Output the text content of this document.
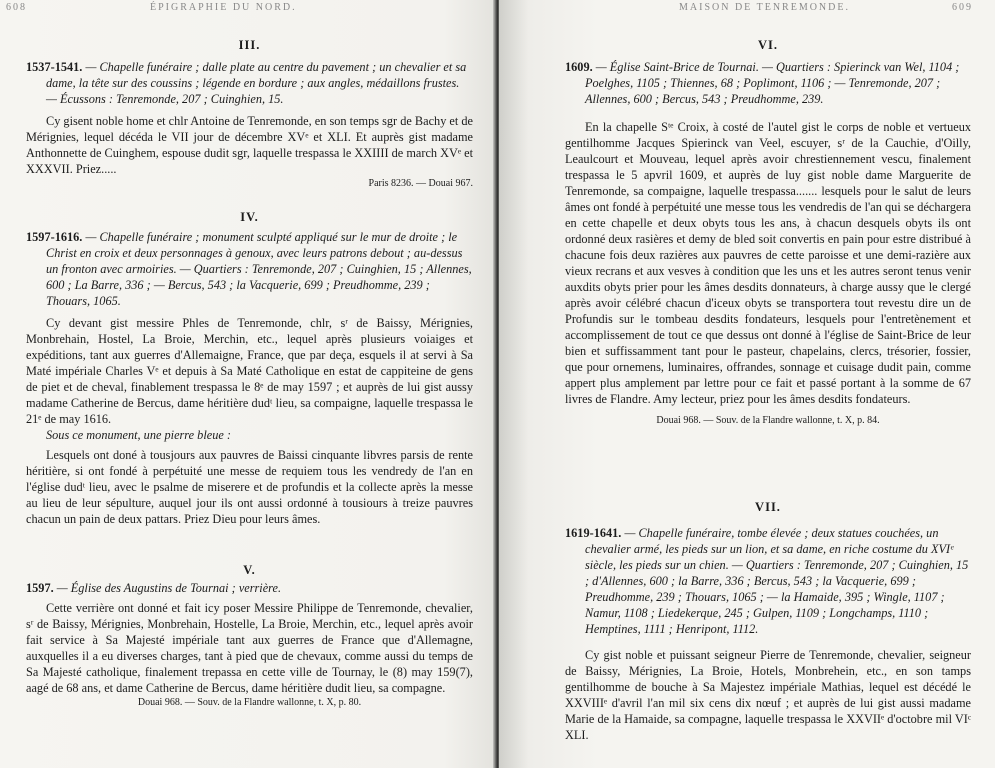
608	ÉPIGRAPHIE DU NORD.

III.

1537-1541. — Chapelle funéraire ; dalle plate au centre du pavement ; un chevalier et sa dame, la tête sur des coussins ; légende en bordure ; aux angles, médaillons frustes. — Écussons : Tenremonde, 207 ; Cuinghien, 15.

Cy gisent noble home et chlr Antoine de Tenremonde, en son temps sgr de Bachy et de Mérignies, lequel décéda le VII jour de décembre XVᵉ et XLI. Et auprès gist madame Anthonnette de Cuinghem, espouse dudit sgr, laquelle trespassa le XXIIII de march XVᵉ et XXXVII. Priez.....

Paris 8236. — Douai 967.

IV.

1597-1616. — Chapelle funéraire ; monument sculpté appliqué sur le mur de droite ; le Christ en croix et deux personnages à genoux, avec leurs patrons debout ; au-dessus un fronton avec armoiries. — Quartiers : Tenremonde, 207 ; Cuinghien, 15 ; Allennes, 600 ; La Barre, 336 ; — Bercus, 543 ; la Vacquerie, 699 ; Preudhomme, 239 ; Thouars, 1065.

Cy devant gist messire Phles de Tenremonde, chlr, sʳ de Baissy, Mérignies, Monbrehain, Hostel, La Broie, Merchin, etc., lequel après plusieurs voiaiges et expéditions, tant aux guerres d'Allemaigne, France, que par deça, esquels il at servi à Sa Maté impériale Charles Vᵉ et depuis à Sa Maté Catholique en estat de cappiteine de gens de piet et de cheval, finablement trespassa le 8ᵉ de may 1597 ; et auprès de lui gist aussy madame Catherine de Bercus, dame héritière dudᵗ lieu, sa compaigne, laquelle trespassa le 21ᵉ de may 1616.

Sous ce monument, une pierre bleue :

Lesquels ont doné à tousjours aux pauvres de Baissi cinquante libvres parsis de rente héritière, si ont fondé à perpétuité une messe de requiem tous les vendredy de l'an en l'église dudᵗ lieu, avec le psalme de miserere et de profundis et la collecte après la messe au lieu de leur sépulture, auquel jour ils ont aussi ordonné à tousiours à treize pauvres chacun un pain de deux pattars. Priez Dieu pour leurs âmes.

V.

1597. — Église des Augustins de Tournai ; verrière.

Cette verrière ont donné et fait icy poser Messire Philippe de Tenremonde, chevalier, sʳ de Baissy, Mérignies, Monbrehain, Hostelle, La Broie, Merchin, etc., lequel après avoir fait service à Sa Majesté impériale tant aux guerres de France que d'Allemagne, auxquelles il a eu diverses charges, tant à pied que de chevaux, comme aussi du temps de Sa Majesté catholique, finalement trepassa en cette ville de Tournay, le (8) may 159(7), aagé de 68 ans, et dame Catherine de Bercus, dame héritière dudit lieu, sa compagne.

Douai 968. — Souv. de la Flandre wallonne, t. X, p. 80.

MAISON DE TENREMONDE.	609

VI.

1609. — Église Saint-Brice de Tournai. — Quartiers : Spierinck van Wel, 1104 ; Poelghes, 1105 ; Thiennes, 68 ; Poplimont, 1106 ; — Tenremonde, 207 ; Allennes, 600 ; Bercus, 543 ; Preudhomme, 239.

En la chapelle Sᵗᵉ Croix, à costé de l'autel gist le corps de noble et vertueux gentilhomme Jacques Spierinck van Veel, escuyer, sʳ de la Cauchie, d'Oilly, Leaulcourt et Mouveau, lequel après avoir chrestiennement vescu, finalement trespassa le 5 apvril 1609, et auprès de luy gist noble dame Marguerite de Tenremonde, sa compaigne, laquelle trespassa....... lesquels pour le salut de leurs âmes ont fondé à perpétuité une messe tous les vendredis de l'an qui se déchargera en cette chapelle et deux obyts tous les ans, à chacun desquels obyts ils ont ordonné deux rasières et demy de bled soit convertis en pain pour estre distribué à chacune fois deux razières aux pauvres de cette paroisse et une demi-razière aux vieux recrans et aux vesves à condition que les uns et les autres seront tenus venir auxdits obyts prier pour les âmes desdits donnateurs, à charge aussy que le clergé après avoir célébré chacun d'iceux obyts se transportera tout revestu dire un de Profundis sur le tombeau desdits fondateurs, lesquels pour l'entretènement et accomplissement de tout ce que dessus ont donné à l'église de Saint-Brice de leur bien et suffissamment tant pour le pasteur, chapelains, clercs, trésorier, fossier, que pour ornemens, luminaires, offrandes, sonnage et cuisage dudit pain, comme appert plus amplement par lettre pour ce fait et passé portant à la somme de 67 livres de Flandre. Amy lecteur, priez pour les âmes desdits fondateurs.

Douai 968. — Souv. de la Flandre wallonne, t. X, p. 84.

VII.

1619-1641. — Chapelle funéraire, tombe élevée ; deux statues couchées, un chevalier armé, les pieds sur un lion, et sa dame, en riche costume du XVIᵉ siècle, les pieds sur un chien. — Quartiers : Tenremonde, 207 ; Cuinghien, 15 ; d'Allennes, 600 ; la Barre, 336 ; Bercus, 543 ; la Vacquerie, 699 ; Preudhomme, 239 ; Thouars, 1065 ; — la Hamaide, 395 ; Wingle, 1107 ; Namur, 1108 ; Liedekerque, 245 ; Gulpen, 1109 ; Longchamps, 1110 ; Hemptines, 1111 ; Henripont, 1112.

Cy gist noble et puissant seigneur Pierre de Tenremonde, chevalier, seigneur de Baissy, Mérignies, La Broie, Hotels, Monbrehein, etc., en son tamps gentilhomme de bouche à Sa Majestez impériale Mathias, lequel est décédé le XXVIIIᵉ d'avril l'an mil six cens dix nœuf ; et auprès de lui gist aussi madame Marie de la Hamaide, sa compagne, laquelle trespassa le XXVIIᵉ d'octobre mil VIᶜ XLI.
